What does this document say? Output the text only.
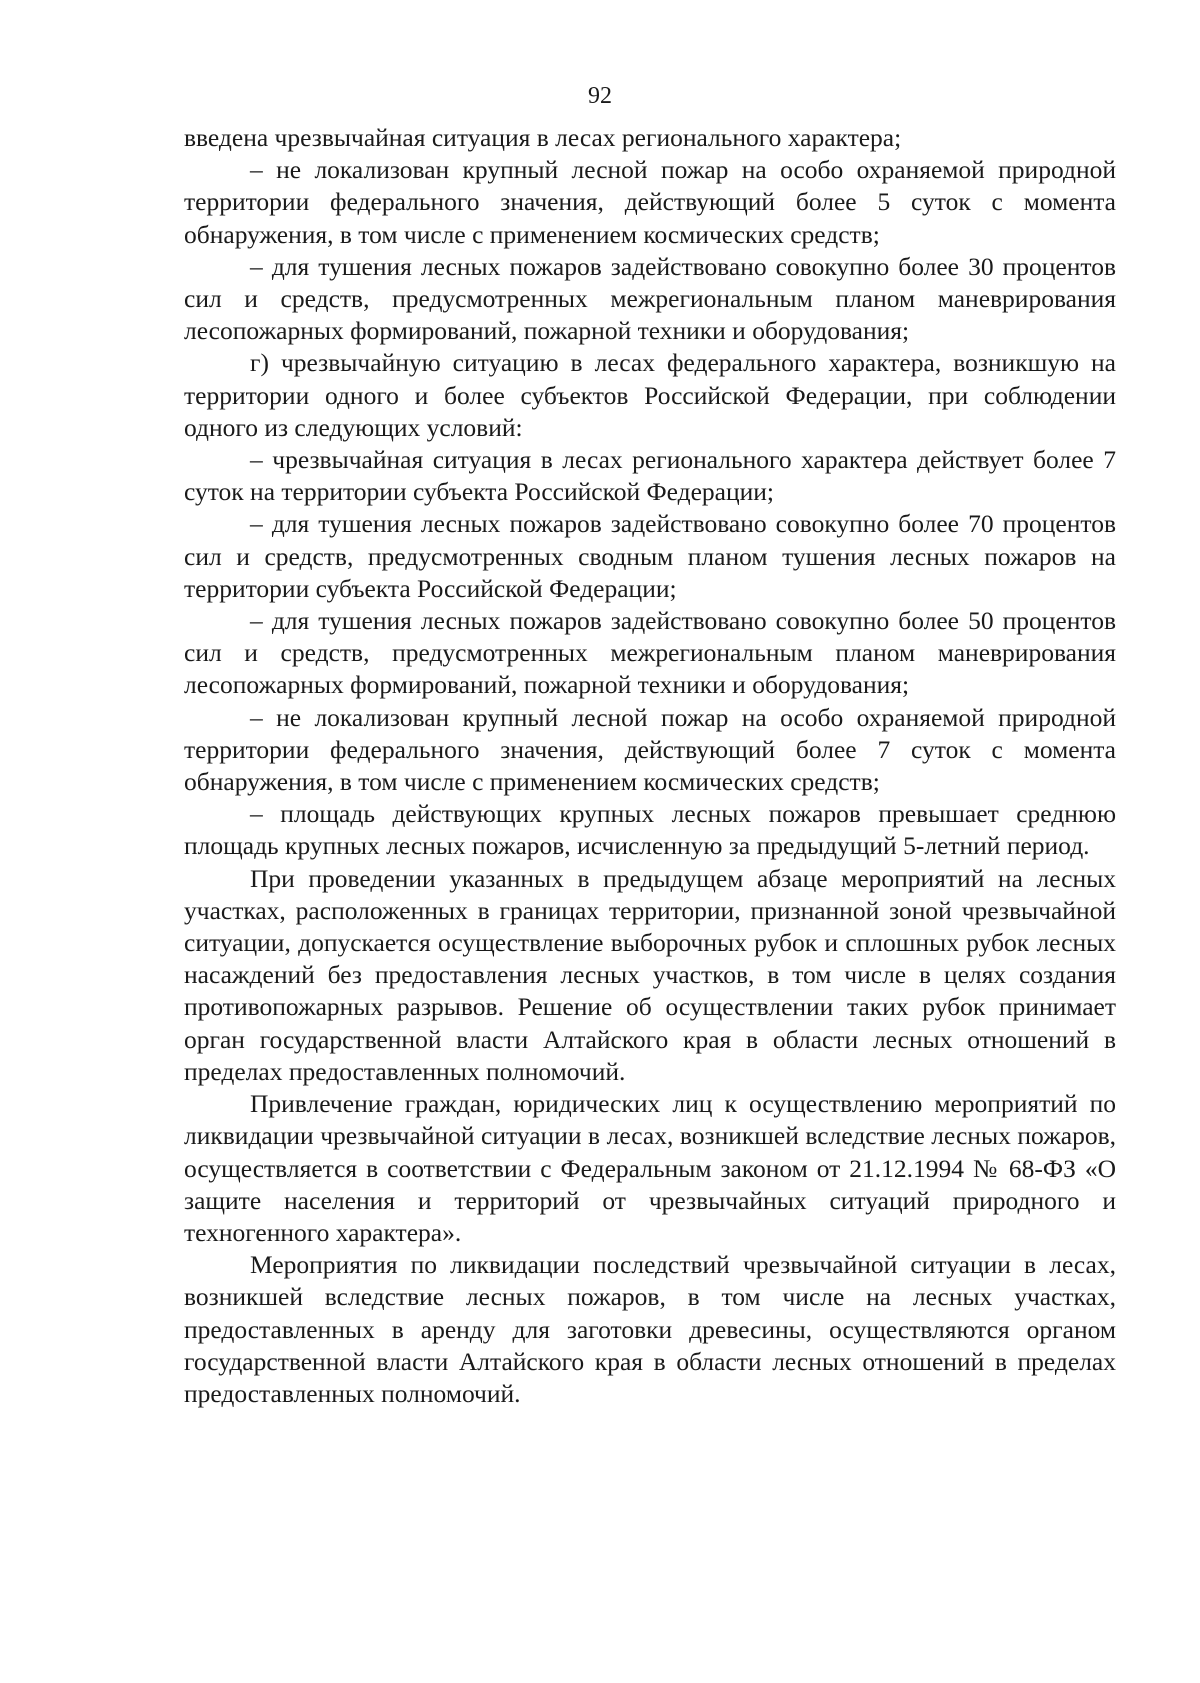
92

введена чрезвычайная ситуация в лесах регионального характера;

– не локализован крупный лесной пожар на особо охраняемой природной территории федерального значения, действующий более 5 суток с момента обнаружения, в том числе с применением космических средств;

– для тушения лесных пожаров задействовано совокупно более 30 процентов сил и средств, предусмотренных межрегиональным планом маневрирования лесопожарных формирований, пожарной техники и оборудования;

г) чрезвычайную ситуацию в лесах федерального характера, возникшую на территории одного и более субъектов Российской Федерации, при соблюдении одного из следующих условий:

– чрезвычайная ситуация в лесах регионального характера действует более 7 суток на территории субъекта Российской Федерации;

– для тушения лесных пожаров задействовано совокупно более 70 процентов сил и средств, предусмотренных сводным планом тушения лесных пожаров на территории субъекта Российской Федерации;

– для тушения лесных пожаров задействовано совокупно более 50 процентов сил и средств, предусмотренных межрегиональным планом маневрирования лесопожарных формирований, пожарной техники и оборудования;

– не локализован крупный лесной пожар на особо охраняемой природной территории федерального значения, действующий более 7 суток с момента обнаружения, в том числе с применением космических средств;

– площадь действующих крупных лесных пожаров превышает среднюю площадь крупных лесных пожаров, исчисленную за предыдущий 5-летний период.

При проведении указанных в предыдущем абзаце мероприятий на лесных участках, расположенных в границах территории, признанной зоной чрезвычайной ситуации, допускается осуществление выборочных рубок и сплошных рубок лесных насаждений без предоставления лесных участков, в том числе в целях создания противопожарных разрывов. Решение об осуществлении таких рубок принимает орган государственной власти Алтайского края в области лесных отношений в пределах предоставленных полномочий.

Привлечение граждан, юридических лиц к осуществлению мероприятий по ликвидации чрезвычайной ситуации в лесах, возникшей вследствие лесных пожаров, осуществляется в соответствии с Федеральным законом от 21.12.1994 № 68-ФЗ «О защите населения и территорий от чрезвычайных ситуаций природного и техногенного характера».

Мероприятия по ликвидации последствий чрезвычайной ситуации в лесах, возникшей вследствие лесных пожаров, в том числе на лесных участках, предоставленных в аренду для заготовки древесины, осуществляются органом государственной власти Алтайского края в области лесных отношений в пределах предоставленных полномочий.
